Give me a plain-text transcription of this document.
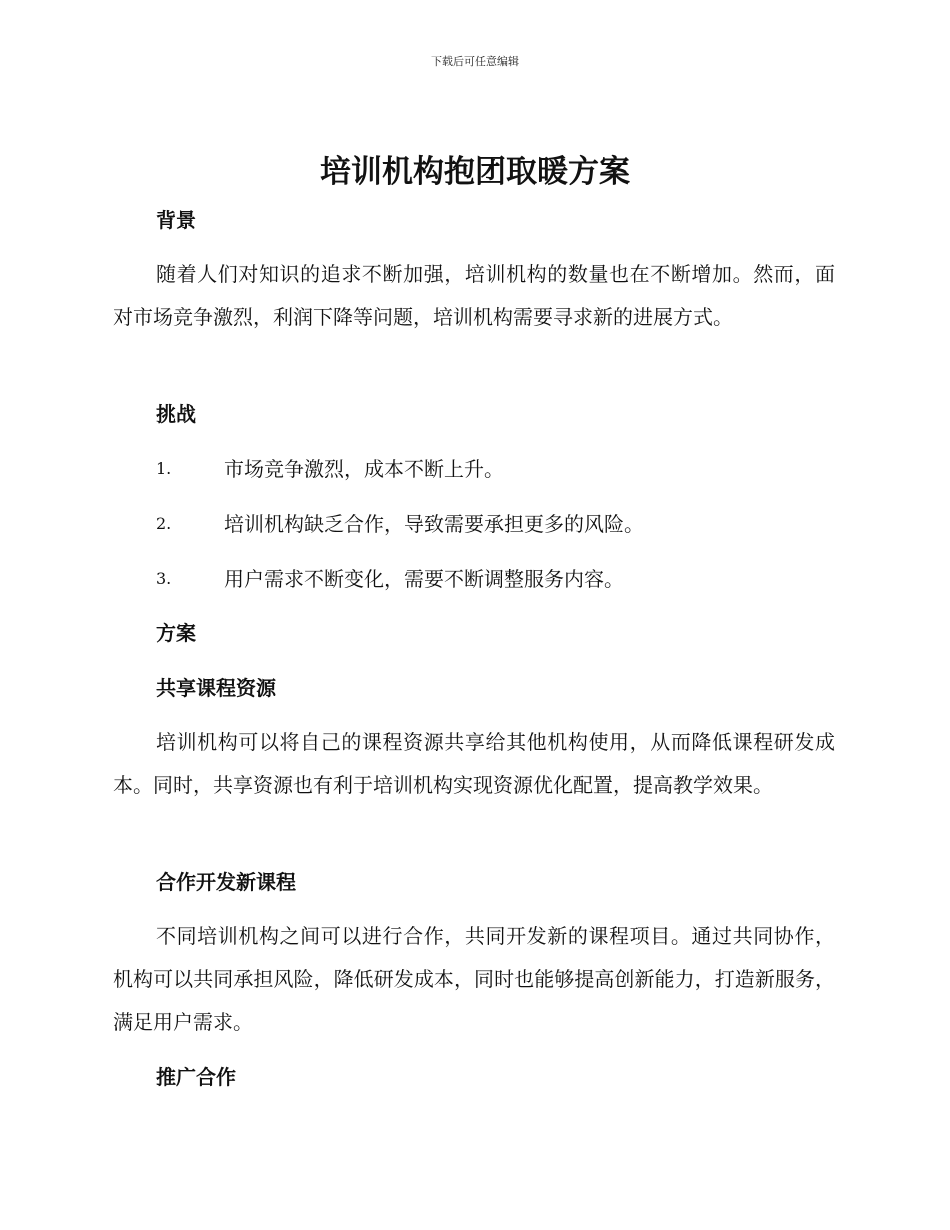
下载后可任意编辑
培训机构抱团取暖方案
背景

随着人们对知识的追求不断加强，培训机构的数量也在不断增加。然而，面对市场竞争激烈，利润下降等问题，培训机构需要寻求新的进展方式。

挑战
1.	市场竞争激烈，成本不断上升。
2.	培训机构缺乏合作，导致需要承担更多的风险。
3.	用户需求不断变化，需要不断调整服务内容。
方案
共享课程资源

培训机构可以将自己的课程资源共享给其他机构使用，从而降低课程研发成本。同时，共享资源也有利于培训机构实现资源优化配置，提高教学效果。

合作开发新课程

不同培训机构之间可以进行合作，共同开发新的课程项目。通过共同协作，机构可以共同承担风险，降低研发成本，同时也能够提高创新能力，打造新服务，满足用户需求。

推广合作
